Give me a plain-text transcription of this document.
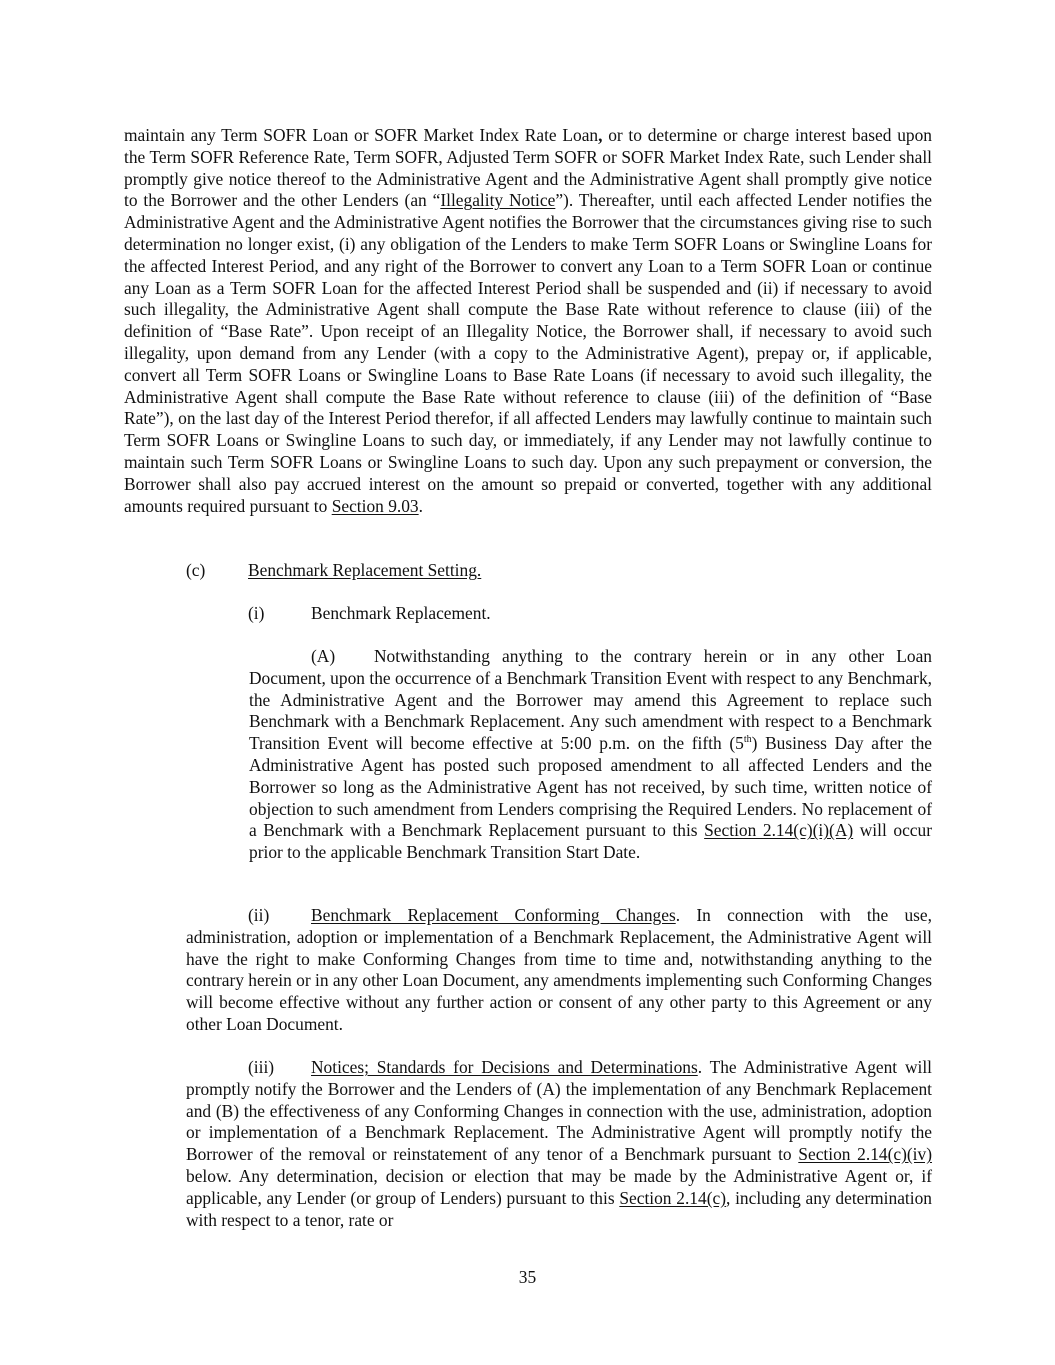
maintain any Term SOFR Loan or SOFR Market Index Rate Loan, or to determine or charge interest based upon the Term SOFR Reference Rate, Term SOFR, Adjusted Term SOFR or SOFR Market Index Rate, such Lender shall promptly give notice thereof to the Administrative Agent and the Administrative Agent shall promptly give notice to the Borrower and the other Lenders (an “Illegality Notice”). Thereafter, until each affected Lender notifies the Administrative Agent and the Administrative Agent notifies the Borrower that the circumstances giving rise to such determination no longer exist, (i) any obligation of the Lenders to make Term SOFR Loans or Swingline Loans for the affected Interest Period, and any right of the Borrower to convert any Loan to a Term SOFR Loan or continue any Loan as a Term SOFR Loan for the affected Interest Period shall be suspended and (ii) if necessary to avoid such illegality, the Administrative Agent shall compute the Base Rate without reference to clause (iii) of the definition of “Base Rate”. Upon receipt of an Illegality Notice, the Borrower shall, if necessary to avoid such illegality, upon demand from any Lender (with a copy to the Administrative Agent), prepay or, if applicable, convert all Term SOFR Loans or Swingline Loans to Base Rate Loans (if necessary to avoid such illegality, the Administrative Agent shall compute the Base Rate without reference to clause (iii) of the definition of “Base Rate”), on the last day of the Interest Period therefor, if all affected Lenders may lawfully continue to maintain such Term SOFR Loans or Swingline Loans to such day, or immediately, if any Lender may not lawfully continue to maintain such Term SOFR Loans or Swingline Loans to such day. Upon any such prepayment or conversion, the Borrower shall also pay accrued interest on the amount so prepaid or converted, together with any additional amounts required pursuant to Section 9.03.

(c) Benchmark Replacement Setting.
(i)	Benchmark Replacement.

(A) Notwithstanding anything to the contrary herein or in any other Loan Document, upon the occurrence of a Benchmark Transition Event with respect to any Benchmark, the Administrative Agent and the Borrower may amend this Agreement to replace such Benchmark with a Benchmark Replacement. Any such amendment with respect to a Benchmark Transition Event will become effective at 5:00 p.m. on the fifth (5th) Business Day after the Administrative Agent has posted such proposed amendment to all affected Lenders and the Borrower so long as the Administrative Agent has not received, by such time, written notice of objection to such amendment from Lenders comprising the Required Lenders. No replacement of a Benchmark with a Benchmark Replacement pursuant to this Section 2.14(c)(i)(A) will occur prior to the applicable Benchmark Transition Start Date.

(ii) Benchmark Replacement Conforming Changes. In connection with the use, administration, adoption or implementation of a Benchmark Replacement, the Administrative Agent will have the right to make Conforming Changes from time to time and, notwithstanding anything to the contrary herein or in any other Loan Document, any amendments implementing such Conforming Changes will become effective without any further action or consent of any other party to this Agreement or any other Loan Document.

(iii) Notices; Standards for Decisions and Determinations. The Administrative Agent will promptly notify the Borrower and the Lenders of (A) the implementation of any Benchmark Replacement and (B) the effectiveness of any Conforming Changes in connection with the use, administration, adoption or implementation of a Benchmark Replacement. The Administrative Agent will promptly notify the Borrower of the removal or reinstatement of any tenor of a Benchmark pursuant to Section 2.14(c)(iv) below. Any determination, decision or election that may be made by the Administrative Agent or, if applicable, any Lender (or group of Lenders) pursuant to this Section 2.14(c), including any determination with respect to a tenor, rate or

35
